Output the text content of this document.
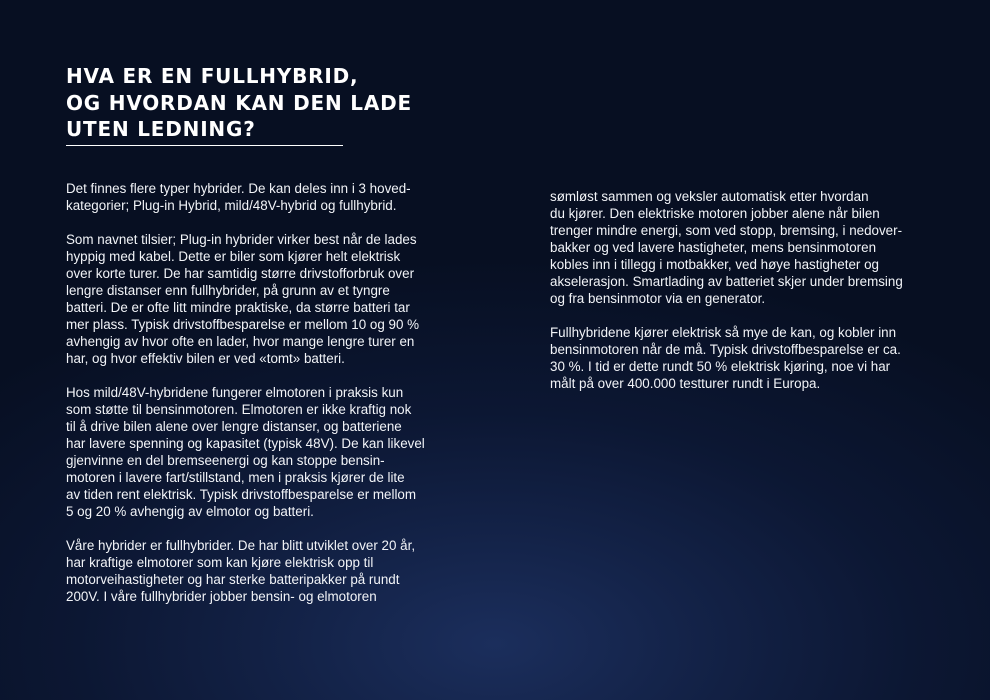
HVA ER EN FULLHYBRID,
OG HVORDAN KAN DEN LADE
UTEN LEDNING?

Det finnes flere typer hybrider. De kan deles inn i 3 hoved-
kategorier; Plug-in Hybrid, mild/48V-hybrid og fullhybrid.

Som navnet tilsier; Plug-in hybrider virker best når de lades
hyppig med kabel. Dette er biler som kjører helt elektrisk
over korte turer. De har samtidig større drivstofforbruk over
lengre distanser enn fullhybrider, på grunn av et tyngre
batteri. De er ofte litt mindre praktiske, da større batteri tar
mer plass. Typisk drivstoffbesparelse er mellom 10 og 90 %
avhengig av hvor ofte en lader, hvor mange lengre turer en
har, og hvor effektiv bilen er ved «tomt» batteri.

Hos mild/48V-hybridene fungerer elmotoren i praksis kun
som støtte til bensinmotoren. Elmotoren er ikke kraftig nok
til å drive bilen alene over lengre distanser, og batteriene
har lavere spenning og kapasitet (typisk 48V). De kan likevel
gjenvinne en del bremseenergi og kan stoppe bensin-
motoren i lavere fart/stillstand, men i praksis kjører de lite
av tiden rent elektrisk. Typisk drivstoffbesparelse er mellom
5 og 20 % avhengig av elmotor og batteri.

Våre hybrider er fullhybrider. De har blitt utviklet over 20 år,
har kraftige elmotorer som kan kjøre elektrisk opp til
motorveihastigheter og har sterke batteripakker på rundt
200V. I våre fullhybrider jobber bensin- og elmotoren

sømløst sammen og veksler automatisk etter hvordan
du kjører. Den elektriske motoren jobber alene når bilen
trenger mindre energi, som ved stopp, bremsing, i nedover-
bakker og ved lavere hastigheter, mens bensinmotoren
kobles inn i tillegg i motbakker, ved høye hastigheter og
akselerasjon. Smartlading av batteriet skjer under bremsing
og fra bensinmotor via en generator.

Fullhybridene kjører elektrisk så mye de kan, og kobler inn
bensinmotoren når de må. Typisk drivstoffbesparelse er ca.
30 %. I tid er dette rundt 50 % elektrisk kjøring, noe vi har
målt på over 400.000 testturer rundt i Europa.
